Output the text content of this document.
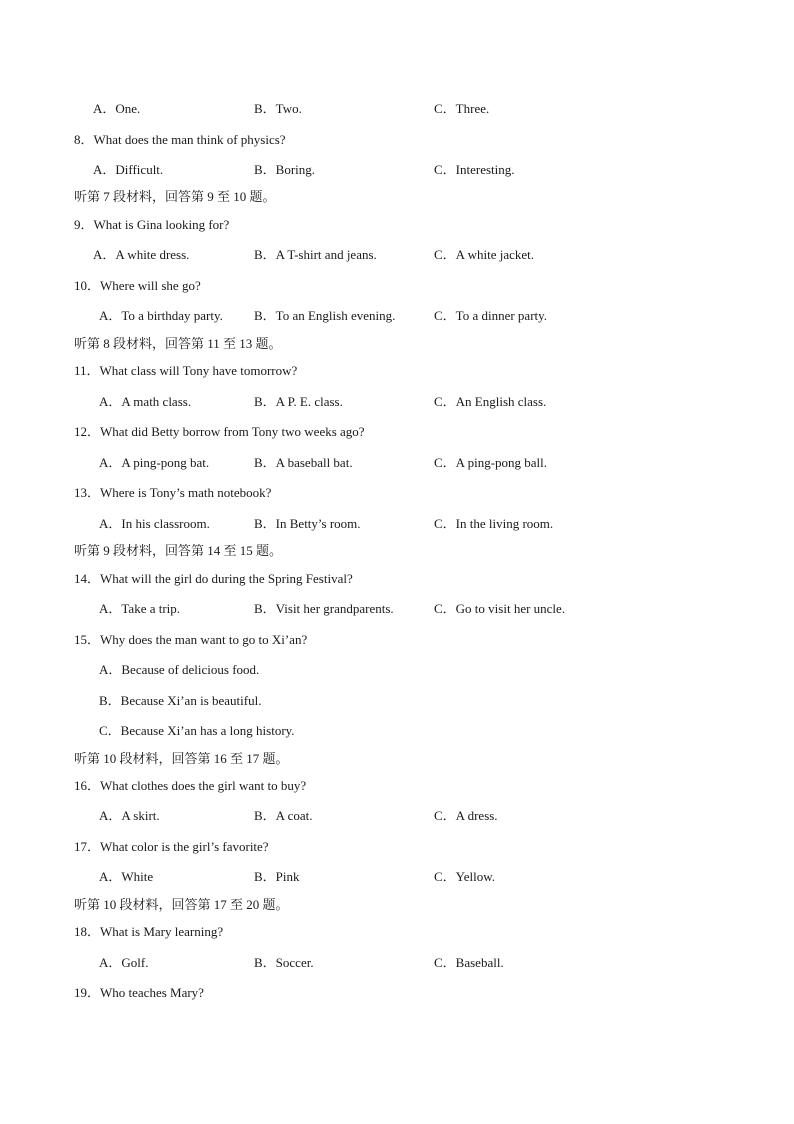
A．One.	B．Two.	C．Three.
8．What does the man think of physics?
A．Difficult.	B．Boring.	C．Interesting.
听第 7 段材料，回答第 9 至 10 题。
9．What is Gina looking for?
A．A white dress.	B．A T-shirt and jeans.	C．A white jacket.
10．Where will she go?
A．To a birthday party. B．To an English evening.	C．To a dinner party.
听第 8 段材料，回答第 11 至 13 题。
11．What class will Tony have tomorrow?
A．A math class.	B．A P. E. class.	C．An English class.
12．What did Betty borrow from Tony two weeks ago?
A．A ping-pong bat.	B．A baseball bat.	C．A ping-pong ball.
13．Where is Tony’s math notebook?
A．In his classroom.	B．In Betty’s room.	C．In the living room.
听第 9 段材料，回答第 14 至 15 题。
14．What will the girl do during the Spring Festival?
A．Take a trip.	B．Visit her grandparents.	C．Go to visit her uncle.
15．Why does the man want to go to Xi’an?
A．Because of delicious food.
B．Because Xi’an is beautiful.
C．Because Xi’an has a long history.
听第 10 段材料，回答第 16 至 17 题。
16．What clothes does the girl want to buy?
A．A skirt.	B．A coat.	C．A dress.
17．What color is the girl’s favorite?
A．White	B．Pink	C．Yellow.
听第 10 段材料，回答第 17 至 20 题。
18．What is Mary learning?
A．Golf.	B．Soccer.	C．Baseball.
19．Who teaches Mary?
